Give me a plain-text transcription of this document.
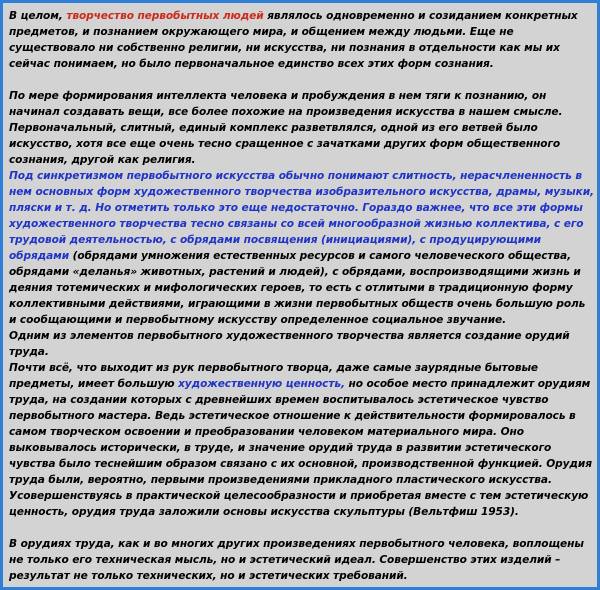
В целом, творчество первобытных людей являлось одновременно и созиданием конкретных предметов, и познанием окружающего мира, и общением между людьми. Еще не существовало ни собственно религии, ни искусства, ни познания в отдельности как мы их сейчас понимаем, но было первоначальное единство всех этих форм сознания.

По мере формирования интеллекта человека и пробуждения в нем тяги к познанию, он начинал создавать вещи, все более похожие на произведения искусства в нашем смысле. Первоначальный, слитный, единый комплекс разветвлялся, одной из его ветвей было искусство, хотя все еще очень тесно сращенное с зачатками других форм общественного сознания, другой как религия.

Под синкретизмом первобытного искусства обычно понимают слитность, нерасчлененность в нем основных форм художественного творчества изобразительного искусства, драмы, музыки, пляски и т. д. Но отметить только это еще недостаточно. Гораздо важнее, что все эти формы художественного творчества тесно связаны со всей многообразной жизнью коллектива, с его трудовой деятельностью, с обрядами посвящения (инициациями), с продуцирующими обрядами (обрядами умножения естественных ресурсов и самого человеческого общества, обрядами «деланья» животных, растений и людей), с обрядами, воспроизводящими жизнь и деяния тотемических и мифологических героев, то есть с отлитыми в традиционную форму коллективными действиями, играющими в жизни первобытных обществ очень большую роль и сообщающими и первобытному искусству определенное социальное звучание.

Одним из элементов первобытного художественного творчества является создание орудий труда.

Почти всё, что выходит из рук первобытного творца, даже самые заурядные бытовые предметы, имеет большую художественную ценность, но особое место принадлежит орудиям труда, на создании которых с древнейших времен воспитывалось эстетическое чувство первобытного мастера. Ведь эстетическое отношение к действительности формировалось в самом творческом освоении и преобразовании человеком материального мира. Оно выковывалось исторически, в труде, и значение орудий труда в развитии эстетического чувства было теснейшим образом связано с их основной, производственной функцией. Орудия труда были, вероятно, первыми произведениями прикладного пластического искусства. Усовершенствуясь в практической целесообразности и приобретая вместе с тем эстетическую ценность, орудия труда заложили основы искусства скульптуры (Вельтфиш 1953).

В орудиях труда, как и во многих других произведениях первобытного человека, воплощены не только его техническая мысль, но и эстетический идеал. Совершенство этих изделий – результат не только технических, но и эстетических требований.
